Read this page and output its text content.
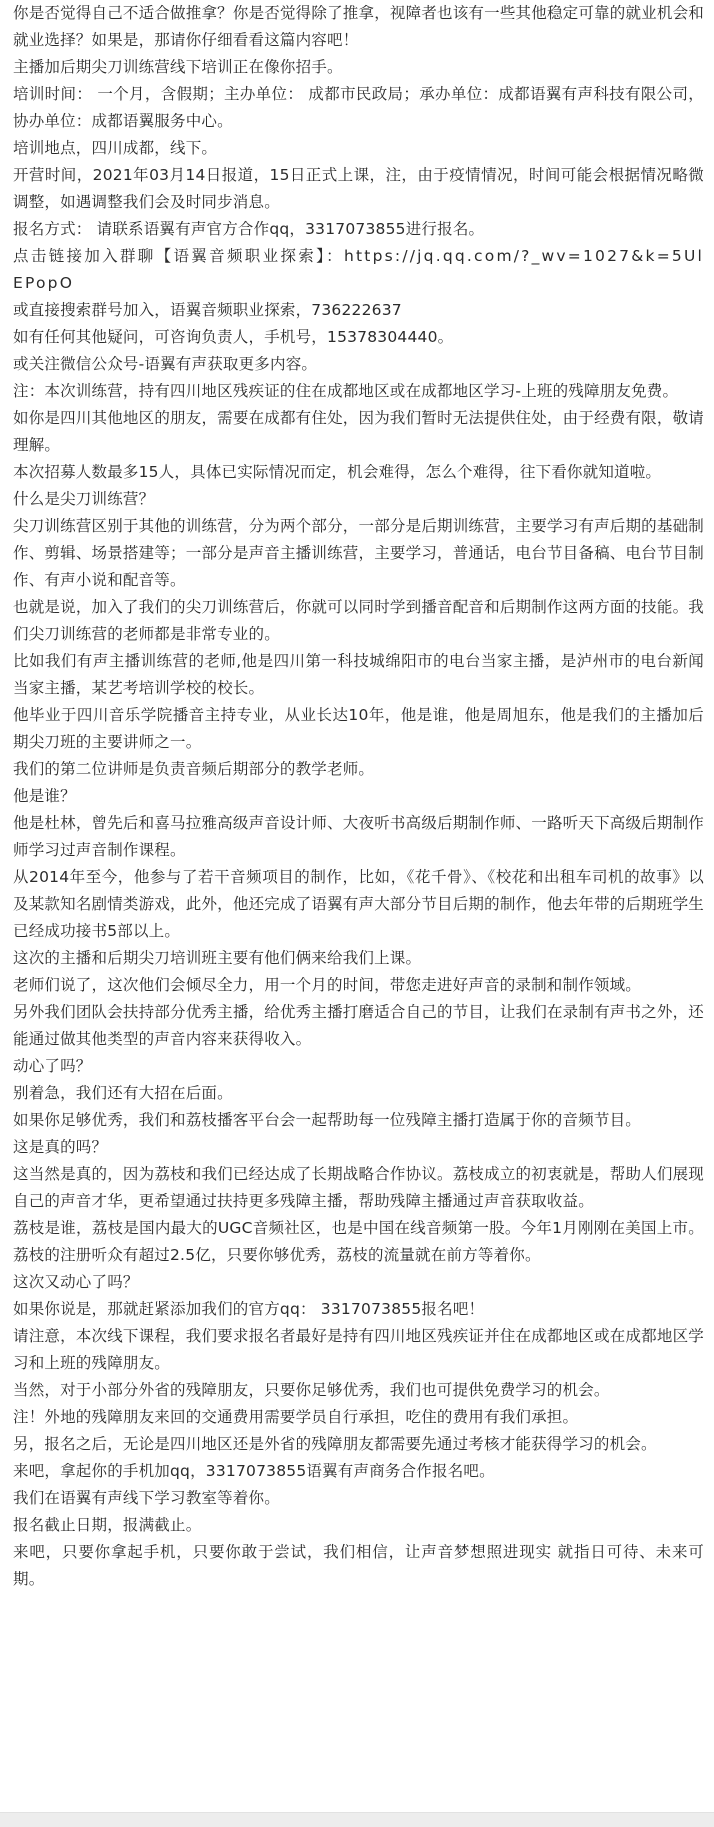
你是否觉得自己不适合做推拿？你是否觉得除了推拿，视障者也该有一些其他稳定可靠的就业机会和就业选择？如果是，那请你仔细看看这篇内容吧！

主播加后期尖刀训练营线下培训正在像你招手。

培训时间： 一个月，含假期；主办单位： 成都市民政局；承办单位：成都语翼有声科技有限公司，协办单位：成都语翼服务中心。

培训地点，四川成都，线下。

开营时间，2021年03月14日报道，15日正式上课，注，由于疫情情况，时间可能会根据情况略微调整，如遇调整我们会及时同步消息。

报名方式： 请联系语翼有声官方合作qq，3317073855进行报名。

点击链接加入群聊【语翼音频职业探索】：https://jq.qq.com/?_wv=1027&k=5UlEPopO

或直接搜索群号加入，语翼音频职业探索，736222637

如有任何其他疑问，可咨询负责人，手机号，15378304440。

或关注微信公众号-语翼有声获取更多内容。

注：本次训练营，持有四川地区残疾证的住在成都地区或在成都地区学习-上班的残障朋友免费。

如你是四川其他地区的朋友，需要在成都有住处，因为我们暂时无法提供住处，由于经费有限，敬请理解。

本次招募人数最多15人，具体已实际情况而定，机会难得，怎么个难得，往下看你就知道啦。

什么是尖刀训练营？

尖刀训练营区别于其他的训练营，分为两个部分，一部分是后期训练营，主要学习有声后期的基础制作、剪辑、场景搭建等；一部分是声音主播训练营，主要学习，普通话，电台节目备稿、电台节目制作、有声小说和配音等。

也就是说，加入了我们的尖刀训练营后，你就可以同时学到播音配音和后期制作这两方面的技能。我们尖刀训练营的老师都是非常专业的。

比如我们有声主播训练营的老师,他是四川第一科技城绵阳市的电台当家主播，是泸州市的电台新闻当家主播，某艺考培训学校的校长。

他毕业于四川音乐学院播音主持专业，从业长达10年，他是谁，他是周旭东，他是我们的主播加后期尖刀班的主要讲师之一。

我们的第二位讲师是负责音频后期部分的教学老师。

他是谁？

他是杜林，曾先后和喜马拉雅高级声音设计师、大夜听书高级后期制作师、一路听天下高级后期制作师学习过声音制作课程。

从2014年至今，他参与了若干音频项目的制作，比如，《花千骨》、《校花和出租车司机的故事》以及某款知名剧情类游戏，此外，他还完成了语翼有声大部分节目后期的制作，他去年带的后期班学生已经成功接书5部以上。

这次的主播和后期尖刀培训班主要有他们俩来给我们上课。

老师们说了，这次他们会倾尽全力，用一个月的时间，带您走进好声音的录制和制作领域。

另外我们团队会扶持部分优秀主播，给优秀主播打磨适合自己的节目，让我们在录制有声书之外，还能通过做其他类型的声音内容来获得收入。

动心了吗？

别着急，我们还有大招在后面。

如果你足够优秀，我们和荔枝播客平台会一起帮助每一位残障主播打造属于你的音频节目。

这是真的吗？

这当然是真的，因为荔枝和我们已经达成了长期战略合作协议。荔枝成立的初衷就是，帮助人们展现自己的声音才华，更希望通过扶持更多残障主播，帮助残障主播通过声音获取收益。

荔枝是谁，荔枝是国内最大的UGC音频社区，也是中国在线音频第一股。今年1月刚刚在美国上市。荔枝的注册听众有超过2.5亿，只要你够优秀，荔枝的流量就在前方等着你。

这次又动心了吗？

如果你说是，那就赶紧添加我们的官方qq： 3317073855报名吧！

请注意，本次线下课程，我们要求报名者最好是持有四川地区残疾证并住在成都地区或在成都地区学习和上班的残障朋友。

当然，对于小部分外省的残障朋友，只要你足够优秀，我们也可提供免费学习的机会。

注！外地的残障朋友来回的交通费用需要学员自行承担，吃住的费用有我们承担。

另，报名之后，无论是四川地区还是外省的残障朋友都需要先通过考核才能获得学习的机会。

来吧，拿起你的手机加qq，3317073855语翼有声商务合作报名吧。

我们在语翼有声线下学习教室等着你。

报名截止日期，报满截止。

来吧，只要你拿起手机，只要你敢于尝试，我们相信，让声音梦想照进现实 就指日可待、未来可期。
